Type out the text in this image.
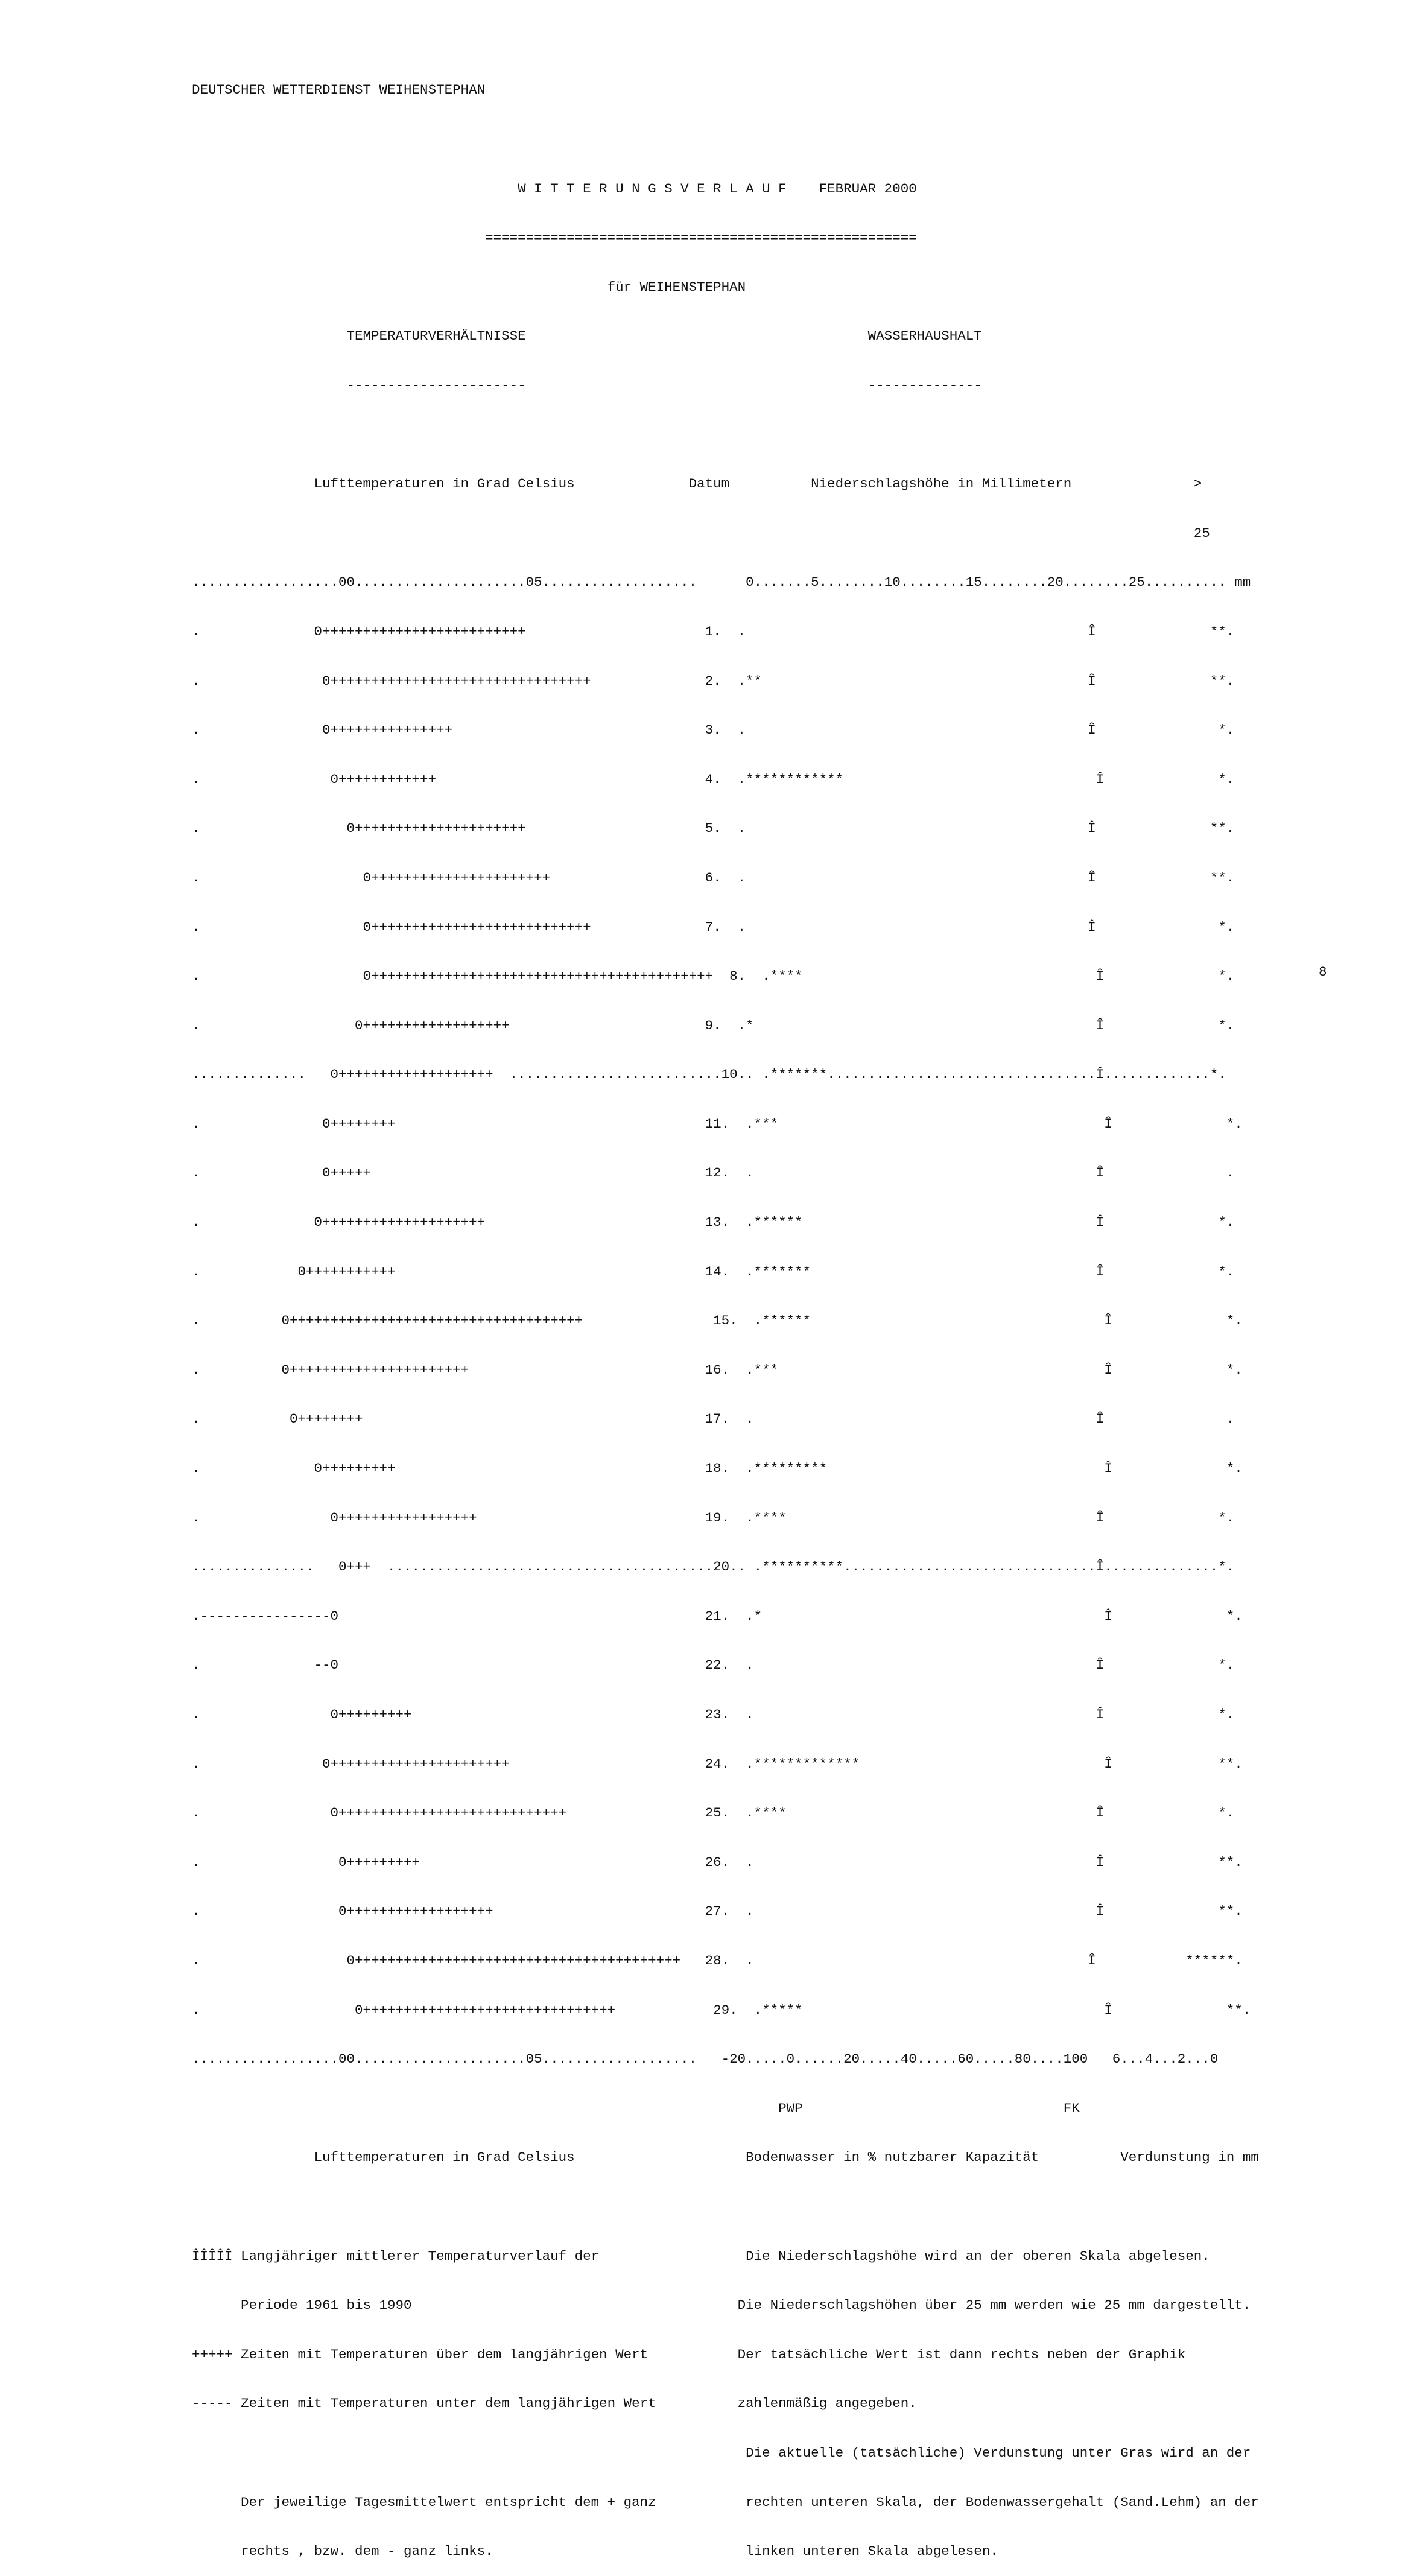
DEUTSCHER WETTERDIENST WEIHENSTEPHAN

W I T T E R U N G S V E R L A U F    FEBRUAR 2000

=====================================================

für WEIHENSTEPHAN

TEMPERATURVERHÄLTNISSE                                          WASSERHAUSHALT

----------------------                                          --------------

Lufttemperaturen in Grad Celsius              Datum          Niederschlagshöhe in Millimetern               >

25

..................00.....................05...................      0.......5........10........15........20........25.......... mm

.              0+++++++++++++++++++++++++                      1.  .                                          Î              **.

.               0++++++++++++++++++++++++++++++++              2.  .**                                        Î              **.

.               0+++++++++++++++                               3.  .                                          Î               *.

.                0++++++++++++                                 4.  .************                               Î              *.

.                  0+++++++++++++++++++++                      5.  .                                          Î              **.

.                    0++++++++++++++++++++++                   6.  .                                          Î              **.

.                    0+++++++++++++++++++++++++++              7.  .                                          Î               *.

.                    0++++++++++++++++++++++++++++++++++++++++++  8.  .****                                    Î              *.

.                   0++++++++++++++++++                        9.  .*                                          Î              *.

..............   0+++++++++++++++++++  ..........................10.. .*******.................................Î.............*.

.               0++++++++                                      11.  .***                                        Î              *.

.               0+++++                                         12.  .                                          Î               .

.              0++++++++++++++++++++                           13.  .******                                    Î              *.

.            0+++++++++++                                      14.  .*******                                   Î              *.

.          0++++++++++++++++++++++++++++++++++++                15.  .******                                    Î              *.

.          0++++++++++++++++++++++                             16.  .***                                        Î              *.

.           0++++++++                                          17.  .                                          Î               .

.              0+++++++++                                      18.  .*********                                  Î              *.

.                0+++++++++++++++++                            19.  .****                                      Î              *.

...............   0+++  ........................................20.. .**********...............................Î..............*.

.----------------0                                             21.  .*                                          Î              *.

.              --0                                             22.  .                                          Î              *.

.                0+++++++++                                    23.  .                                          Î              *.

.               0++++++++++++++++++++++                        24.  .*************                              Î             **.

.                0++++++++++++++++++++++++++++                 25.  .****                                      Î              *.

.                 0+++++++++                                   26.  .                                          Î              **.

.                 0++++++++++++++++++                          27.  .                                          Î              **.

.                  0++++++++++++++++++++++++++++++++++++++++   28.  .                                         Î           ******.

.                   0+++++++++++++++++++++++++++++++            29.  .*****                                     Î              **.

..................00.....................05...................   -20.....0......20.....40.....60.....80....100   6...4...2...0

PWP                                FK

Lufttemperaturen in Grad Celsius                     Bodenwasser in % nutzbarer Kapazität          Verdunstung in mm

ÎÎÎÎÎ Langjähriger mittlerer Temperaturverlauf der                  Die Niederschlagshöhe wird an der oberen Skala abgelesen.

Periode 1961 bis 1990                                        Die Niederschlagshöhen über 25 mm werden wie 25 mm dargestellt.

+++++ Zeiten mit Temperaturen über dem langjährigen Wert           Der tatsächliche Wert ist dann rechts neben der Graphik

----- Zeiten mit Temperaturen unter dem langjährigen Wert          zahlenmäßig angegeben.

Die aktuelle (tatsächliche) Verdunstung unter Gras wird an der

Der jeweilige Tagesmittelwert entspricht dem + ganz           rechten unteren Skala, der Bodenwassergehalt (Sand.Lehm) an der

rechts , bzw. dem - ganz links.                               linken unteren Skala abgelesen.

8
